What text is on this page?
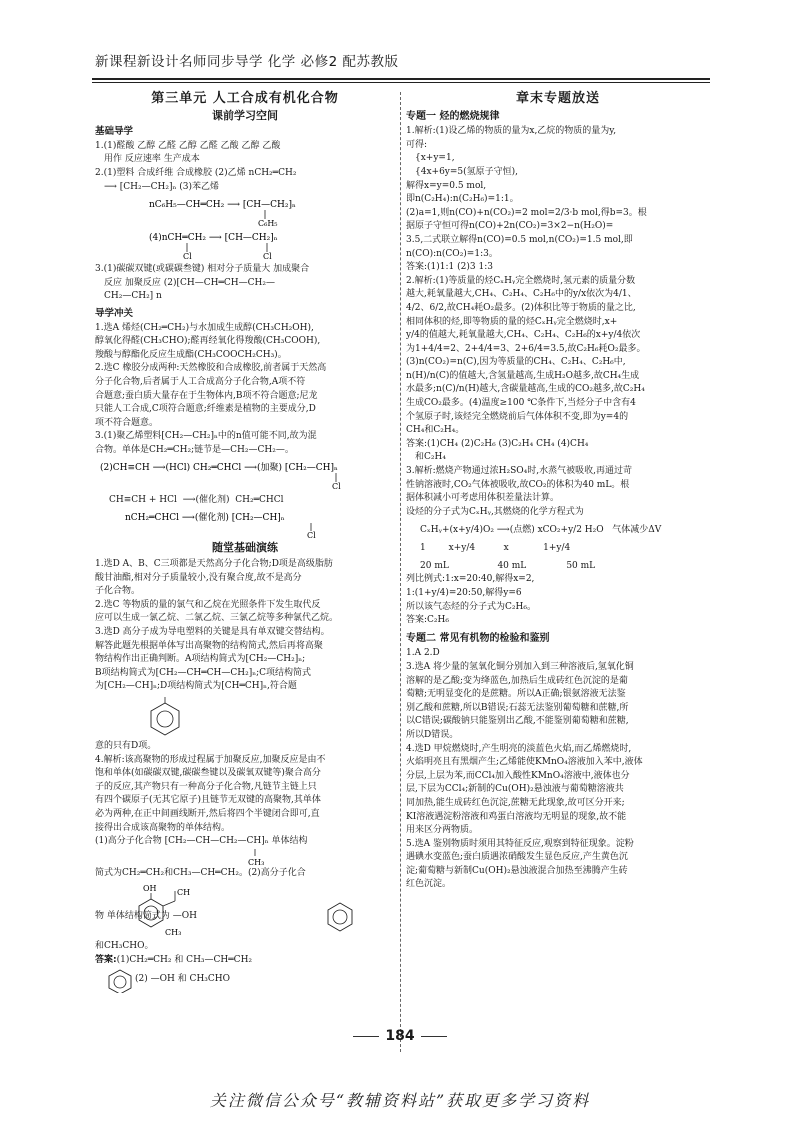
新课程新设计名师同步导学 化学 必修2 配苏教版
第三单元 人工合成有机化合物
课前学习空间
基础导学

1.(1)醛酸 乙醇 乙醛 乙醇 乙醛 乙酸 乙醇 乙酸

用作 反应速率 生产成本

2.(1)塑料 合成纤维 合成橡胶 (2)乙烯 nCH₂═CH₂

⟶ [CH₂—CH₂]ₙ (3)苯乙烯

nC₆H₅—CH═CH₂ ⟶ [CH—CH₂]ₙ
C₆H₅
(4)nCH═CH₂ ⟶ [CH—CH₂]ₙ
Cl	Cl

3.(1)碳碳双键(或碳碳叁键) 相对分子质量大 加成聚合

反应 加聚反应 (2)[CH—CH═CH—CH₂—

CH₂—CH₂] n

导学冲关

1.选A 烯烃(CH₂═CH₂)与水加成生成醇(CH₃CH₂OH),

醇氧化得醛(CH₃CHO);醛再经氧化得羧酸(CH₃COOH),

羧酸与醇酯化反应生成酯(CH₃COOCH₂CH₃)。

2.选C 橡胶分成两种:天然橡胶和合成橡胶,前者属于天然高

分子化合物,后者属于人工合成高分子化合物,A项不符

合题意;蚕白质大量存在于生物体内,B项不符合题意;尼龙

只能人工合成,C项符合题意;纤维素是植物的主要成分,D

项不符合题意。

3.(1)聚乙烯塑料[CH₂—CH₂]ₙ中的n值可能不同,故为混

合物。单体是CH₂═CH₂;链节是—CH₂—CH₂—。

(2)CH≡CH ⟶(HCl) CH₂═CHCl ⟶(加聚) [CH₂—CH]ₙ
Cl

CH≡CH + HCl  ⟶(催化剂)  CH₂═CHCl

nCH₂═CHCl ⟶(催化剂) [CH₂—CH]ₙ
Cl
随堂基础演练

1.选D A、B、C三项都是天然高分子化合物;D项是高级脂肪

酸甘油酯,相对分子质量较小,没有聚合度,故不是高分

子化合物。

2.选C 等物质的量的氯气和乙烷在光照条件下发生取代反

应可以生成一氯乙烷、二氯乙烷、三氯乙烷等多种氯代乙烷。

3.选D 高分子成为导电塑料的关键是具有单双键交替结构。

解答此题先根据单体写出高聚物的结构简式,然后再将高聚

物结构作出正确判断。A项结构简式为[CH₂—CH₂]ₙ;

B项结构简式为[CH₂—CH═CH—CH₂]ₙ;C项结构简式

为[CH₂—CH]ₙ;D项结构简式为[CH═CH]ₙ,符合题

意的只有D项。

4.解析:该高聚物的形成过程属于加聚反应,加聚反应是由不

饱和单体(如碳碳双键,碳碳叁键以及碳氧双键等)聚合高分

子的反应,其产物只有一种高分子化合物,凡链节主链上只

有四个碳原子(无其它原子)且链节无双键的高聚物,其单体

必为两种,在正中间画线断开,然后将四个半键闭合即可,直

接得出合成该高聚物的单体结构。

(1)高分子化合物 [CH₂—CH—CH₂—CH]ₙ 单体结构

CH₃

简式为CH₂═CH₂和CH₃—CH═CH₂。(2)高分子化合

OH	CH
CH₃

物 单体结构简式为 —OH

和CH₃CHO。

答案:(1)CH₂═CH₂ 和 CH₃—CH═CH₂

(2) —OH 和 CH₃CHO
章末专题放送
专题一 烃的燃烧规律

1.解析:(1)设乙烯的物质的量为x,乙烷的物质的量为y,

可得:

{x+y=1,

{4x+6y=5(氢原子守恒),

解得x=y=0.5 mol,

即n(C₂H₄):n(C₂H₆)=1:1。

(2)a=1,则n(CO)+n(CO₂)=2 mol=2/3·b mol,得b=3。根

据原子守恒可得n(CO)+2n(CO₂)=3×2−n(H₂O)=

3.5,二式联立解得n(CO)=0.5 mol,n(CO₂)=1.5 mol,即

n(CO):n(CO₂)=1:3。

答案:(1)1:1 (2)3 1:3

2.解析:(1)等质量的烃CₓHᵧ完全燃烧时,氢元素的质量分数

越大,耗氧量越大,CH₄、C₂H₄、C₂H₆中的y/x依次为4/1、

4/2、6/2,故CH₄耗O₂最多。(2)体积比等于物质的量之比,

相同体积的烃,即等物质的量的烃CₓHᵧ完全燃烧时,x+

y/4的值越大,耗氧量越大,CH₄、C₂H₄、C₂H₆的x+y/4依次

为1+4/4=2、2+4/4=3、2+6/4=3.5,故C₂H₆耗O₂最多。

(3)n(CO₂)=n(C),因为等质量的CH₄、C₂H₄、C₂H₆中,

n(H)/n(C)的值越大,含氢量越高,生成H₂O越多,故CH₄生成

水最多;n(C)/n(H)越大,含碳量越高,生成的CO₂越多,故C₂H₄

生成CO₂最多。(4)温度≥100 ℃条件下,当烃分子中含有4

个氢原子时,该烃完全燃烧前后气体体积不变,即为y=4的

CH₄和C₂H₄。

答案:(1)CH₄ (2)C₂H₆ (3)C₂H₄ CH₄ (4)CH₄

和C₂H₄

3.解析:燃烧产物通过浓H₂SO₄时,水蒸气被吸收,再通过苛

性钠溶液时,CO₂气体被吸收,故CO₂的体积为40 mL。根

据体积减小可考虑用体积差量法计算。

设烃的分子式为CₓHᵧ,其燃烧的化学方程式为

CₓHᵧ+(x+y/4)O₂ ⟶(点燃) xCO₂+y/2 H₂O   气体减少ΔV

1        x+y/4          x            1+y/4

20 mL                 40 mL              50 mL

列比例式:1:x=20:40,解得x=2,

1:(1+y/4)=20:50,解得y=6

所以该气态烃的分子式为C₂H₆。

答案:C₂H₆

专题二 常见有机物的检验和鉴别

1.A 2.D

3.选A 将少量的氢氧化铜分别加入到三种溶液后,氢氧化铜

溶解的是乙酸;变为绛蓝色,加热后生成砖红色沉淀的是葡

萄糖;无明显变化的是蔗糖。所以A正确;银氨溶液无法鉴

别乙酸和蔗糖,所以B错误;石蕊无法鉴别葡萄糖和蔗糖,所

以C错误;碳酸钠只能鉴别出乙酸,不能鉴别葡萄糖和蔗糖,

所以D错误。

4.选D 甲烷燃烧时,产生明亮的淡蓝色火焰,而乙烯燃烧时,

火焰明亮且有黑烟产生;乙烯能使KMnO₄溶液加入苯中,液体

分层,上层为苯,而CCl₄加入酸性KMnO₄溶液中,液体也分

层,下层为CCl₄;新制的Cu(OH)₂悬浊液与葡萄糖溶液共

同加热,能生成砖红色沉淀,蔗糖无此现象,故可区分开来;

KI溶液遇淀粉溶液和鸡蛋白溶液均无明显的现象,故不能

用来区分两物质。

5.选A 鉴别物质时须用其特征反应,观察到特征现象。淀粉

遇碘水变蓝色;蚕白质遇浓硝酸发生显色反应,产生黄色沉

淀;葡萄糖与新制Cu(OH)₂悬浊液混合加热至沸腾产生砖

红色沉淀。

184
关注微信公众号“教辅资料站”获取更多学习资料
